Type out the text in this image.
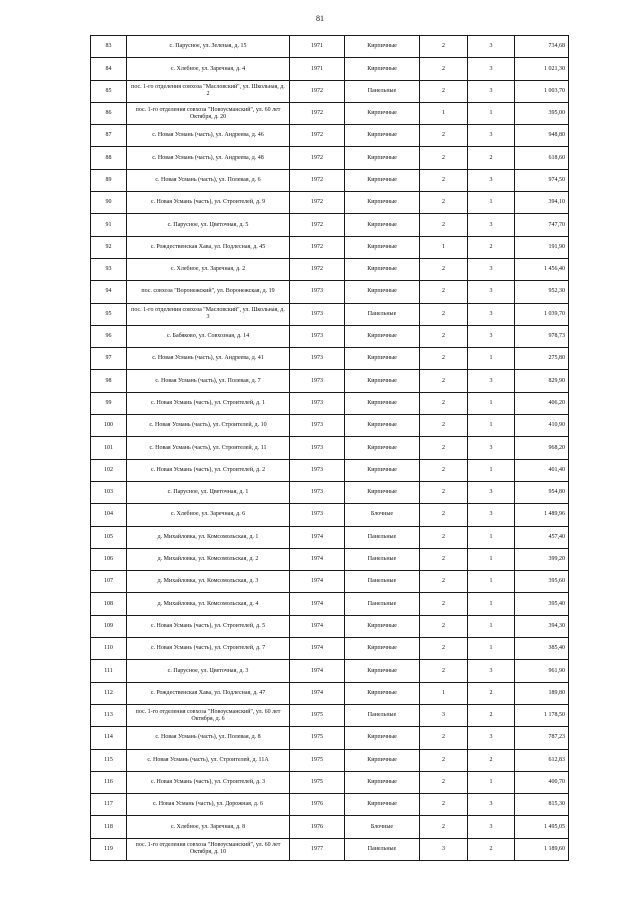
81
83	с. Парусное, ул. Зеленая, д. 15	1971	Кирпичные	2	3	734,68
84	с. Хлебное, ул. Заречная, д. 4	1971	Кирпичные	2	3	1 021,30
85	пос. 1-го отделения совхоза "Масловский", ул. Школьная, д. 2	1972	Панельные	2	3	1 003,70
86	пос. 1-го отделения совхоза "Новоусманский", ул. 60 лет Октября, д. 20	1972	Кирпичные	1	1	395,00
87	с. Новая Усмань (часть), ул. Андреева, д. 46	1972	Кирпичные	2	3	948,80
88	с. Новая Усмань (часть), ул. Андреева, д. 48	1972	Кирпичные	2	2	618,60
89	с. Новая Усмань (часть), ул. Полевая, д. 6	1972	Кирпичные	2	3	974,50
90	с. Новая Усмань (часть), ул. Строителей, д. 9	1972	Кирпичные	2	1	394,10
91	с. Парусное, ул. Цветочная, д. 5	1972	Кирпичные	2	3	747,70
92	с. Рождественская Хава, ул. Подлесная, д. 45	1972	Кирпичные	1	2	191,90
93	с. Хлебное, ул. Заречная, д. 2	1972	Кирпичные	2	3	1 456,40
94	пос. совхоза "Воронежский", ул. Воронежская, д. 19	1973	Кирпичные	2	3	952,30
95	пос. 1-го отделения совхоза "Масловский", ул. Школьная, д. 3	1973	Панельные	2	3	1 039,70
96	с. Бабяково, ул. Совхозная, д. 14	1973	Кирпичные	2	3	978,73
97	с. Новая Усмань (часть), ул. Андреева, д. 41	1973	Кирпичные	2	1	275,80
98	с. Новая Усмань (часть), ул. Полевая, д. 7	1973	Кирпичные	2	3	829,90
99	с. Новая Усмань (часть), ул. Строителей, д. 1	1973	Кирпичные	2	1	406,20
100	с. Новая Усмань (часть), ул. Строителей, д. 10	1973	Кирпичные	2	1	410,90
101	с. Новая Усмань (часть), ул. Строителей, д. 11	1973	Кирпичные	2	3	968,20
102	с. Новая Усмань (часть), ул. Строителей, д. 2	1973	Кирпичные	2	1	401,40
103	с. Парусное, ул. Цветочная, д. 1	1973	Кирпичные	2	3	954,80
104	с. Хлебное, ул. Заречная, д. 6	1973	Блочные	2	3	1 489,96
105	д. Михайловка, ул. Комсомольская, д. 1	1974	Панельные	2	1	457,40
106	д. Михайловка, ул. Комсомольская, д. 2	1974	Панельные	2	1	399,20
107	д. Михайловка, ул. Комсомольская, д. 3	1974	Панельные	2	1	395,60
108	д. Михайловка, ул. Комсомольская, д. 4	1974	Панельные	2	1	395,40
109	с. Новая Усмань (часть), ул. Строителей, д. 5	1974	Кирпичные	2	1	394,30
110	с. Новая Усмань (часть), ул. Строителей, д. 7	1974	Кирпичные	2	1	385,40
111	с. Парусное, ул. Цветочная, д. 3	1974	Кирпичные	2	3	961,90
112	с. Рождественская Хава, ул. Подлесная, д. 47	1974	Кирпичные	1	2	189,80
113	пос. 1-го отделения совхоза "Новоусманский", ул. 60 лет Октября, д. 6	1975	Панельные	3	2	1 178,50
114	с. Новая Усмань (часть), ул. Полевая, д. 8	1975	Кирпичные	2	3	787,23
115	с. Новая Усмань (часть), ул. Строителей, д. 11А	1975	Кирпичные	2	2	612,83
116	с. Новая Усмань (часть), ул. Строителей, д. 3	1975	Кирпичные	2	1	400,70
117	с. Новая Усмань (часть), ул. Дорожная, д. 6	1976	Кирпичные	2	3	815,30
118	с. Хлебное, ул. Заречная, д. 8	1976	Блочные	2	3	1 495,05
119	пос. 1-го отделения совхоза "Новоусманский", ул. 60 лет Октября, д. 10	1977	Панельные	3	2	1 189,60
